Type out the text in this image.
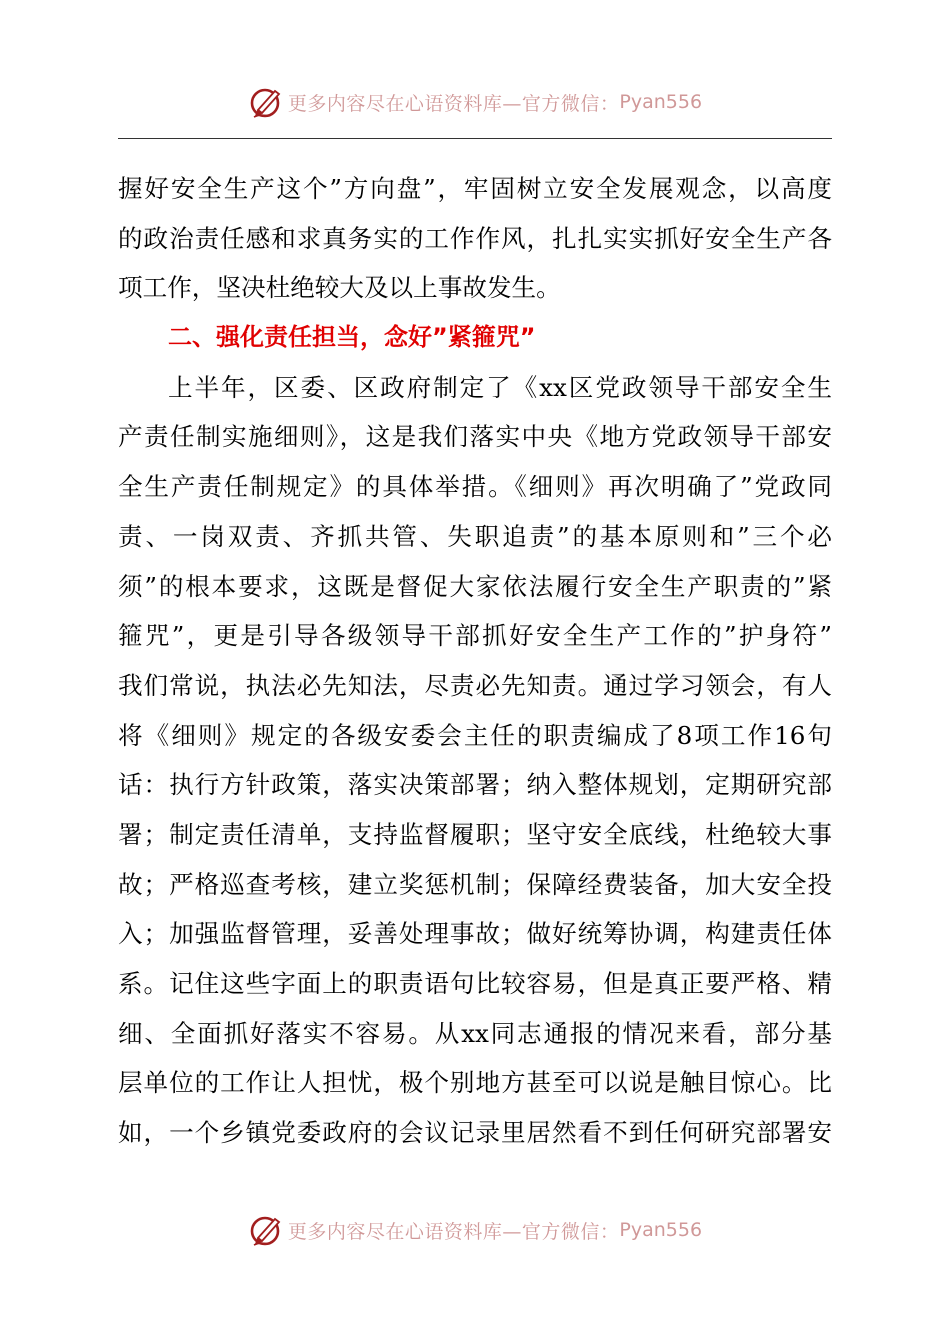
更多内容尽在心语资料库—官方微信： Pyan556
握好安全生产这个”方向盘”，牢固树立安全发展观念，以高度
的政治责任感和求真务实的工作作风，扎扎实实抓好安全生产各
项工作，坚决杜绝较大及以上事故发生。
二、强化责任担当，念好”紧箍咒”
上半年，区委、区政府制定了《xx区党政领导干部安全生
产责任制实施细则》，这是我们落实中央《地方党政领导干部安
全生产责任制规定》的具体举措。《细则》再次明确了”党政同
责、一岗双责、齐抓共管、失职追责”的基本原则和”三个必
须”的根本要求，这既是督促大家依法履行安全生产职责的”紧
箍咒”，更是引导各级领导干部抓好安全生产工作的”护身符”
我们常说，执法必先知法，尽责必先知责。通过学习领会，有人
将《细则》规定的各级安委会主任的职责编成了8项工作16句
话：执行方针政策，落实决策部署；纳入整体规划，定期研究部
署；制定责任清单，支持监督履职；坚守安全底线，杜绝较大事
故；严格巡查考核，建立奖惩机制；保障经费装备，加大安全投
入；加强监督管理，妥善处理事故；做好统筹协调，构建责任体
系。记住这些字面上的职责语句比较容易，但是真正要严格、精
细、全面抓好落实不容易。从xx同志通报的情况来看，部分基
层单位的工作让人担忧，极个别地方甚至可以说是触目惊心。比
如，一个乡镇党委政府的会议记录里居然看不到任何研究部署安
更多内容尽在心语资料库—官方微信： Pyan556
